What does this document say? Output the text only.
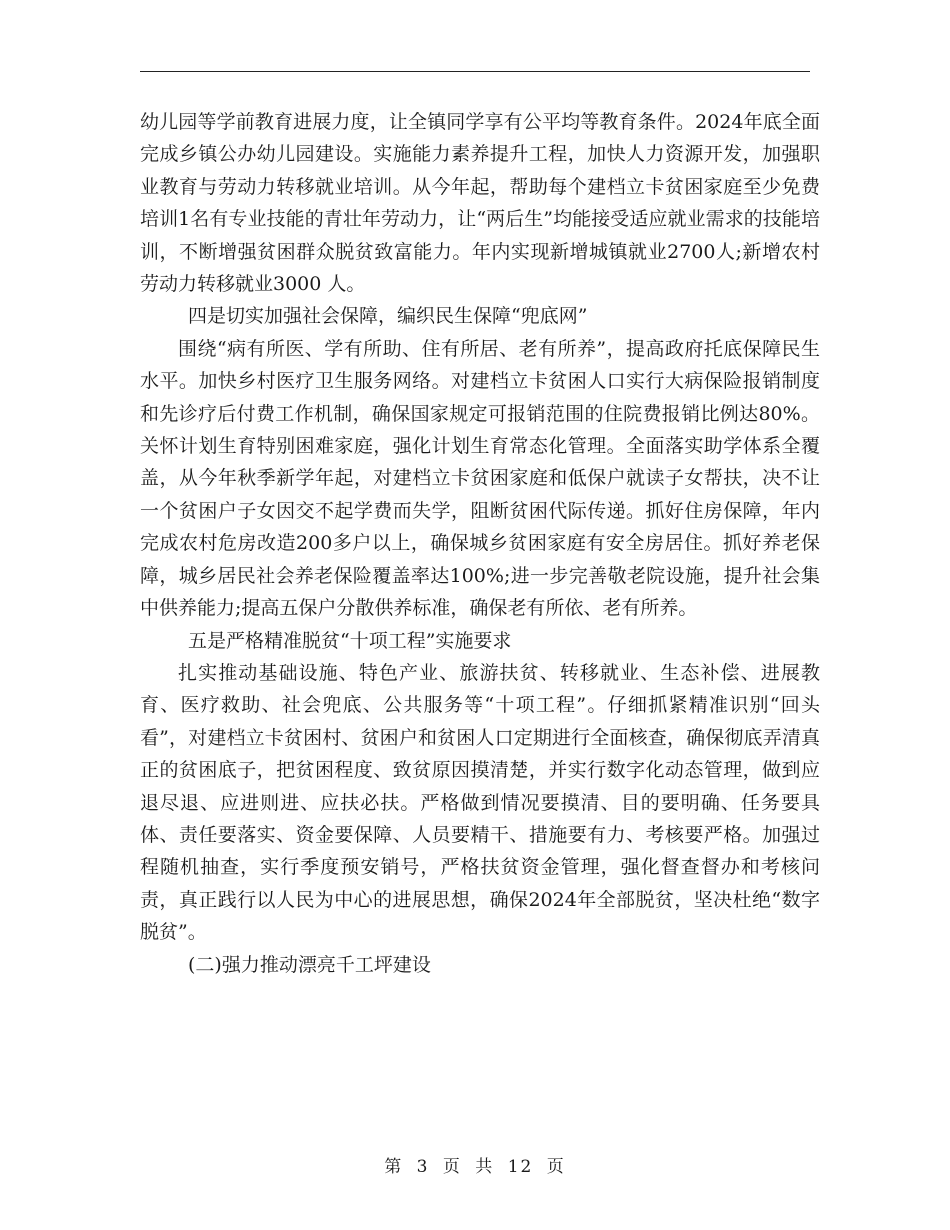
幼儿园等学前教育进展力度，让全镇同学享有公平均等教育条件。2024年底全面完成乡镇公办幼儿园建设。实施能力素养提升工程，加快人力资源开发，加强职业教育与劳动力转移就业培训。从今年起，帮助每个建档立卡贫困家庭至少免费培训1名有专业技能的青壮年劳动力，让“两后生”均能接受适应就业需求的技能培训，不断增强贫困群众脱贫致富能力。年内实现新增城镇就业2700人;新增农村劳动力转移就业3000 人。

四是切实加强社会保障，编织民生保障“兜底网”

围绕“病有所医、学有所助、住有所居、老有所养”，提高政府托底保障民生水平。加快乡村医疗卫生服务网络。对建档立卡贫困人口实行大病保险报销制度和先诊疗后付费工作机制，确保国家规定可报销范围的住院费报销比例达80%。关怀计划生育特别困难家庭，强化计划生育常态化管理。全面落实助学体系全覆盖，从今年秋季新学年起，对建档立卡贫困家庭和低保户就读子女帮扶，决不让一个贫困户子女因交不起学费而失学，阻断贫困代际传递。抓好住房保障，年内完成农村危房改造200多户以上，确保城乡贫困家庭有安全房居住。抓好养老保障，城乡居民社会养老保险覆盖率达100%;进一步完善敬老院设施，提升社会集中供养能力;提高五保户分散供养标准，确保老有所依、老有所养。

五是严格精准脱贫“十项工程”实施要求

扎实推动基础设施、特色产业、旅游扶贫、转移就业、生态补偿、进展教育、医疗救助、社会兜底、公共服务等“十项工程”。仔细抓紧精准识别“回头看”，对建档立卡贫困村、贫困户和贫困人口定期进行全面核查，确保彻底弄清真正的贫困底子，把贫困程度、致贫原因摸清楚，并实行数字化动态管理，做到应退尽退、应进则进、应扶必扶。严格做到情况要摸清、目的要明确、任务要具体、责任要落实、资金要保障、人员要精干、措施要有力、考核要严格。加强过程随机抽查，实行季度预安销号，严格扶贫资金管理，强化督查督办和考核问责，真正践行以人民为中心的进展思想，确保2024年全部脱贫，坚决杜绝“数字脱贫”。

(二)强力推动漂亮千工坪建设

第 3 页 共 12 页
